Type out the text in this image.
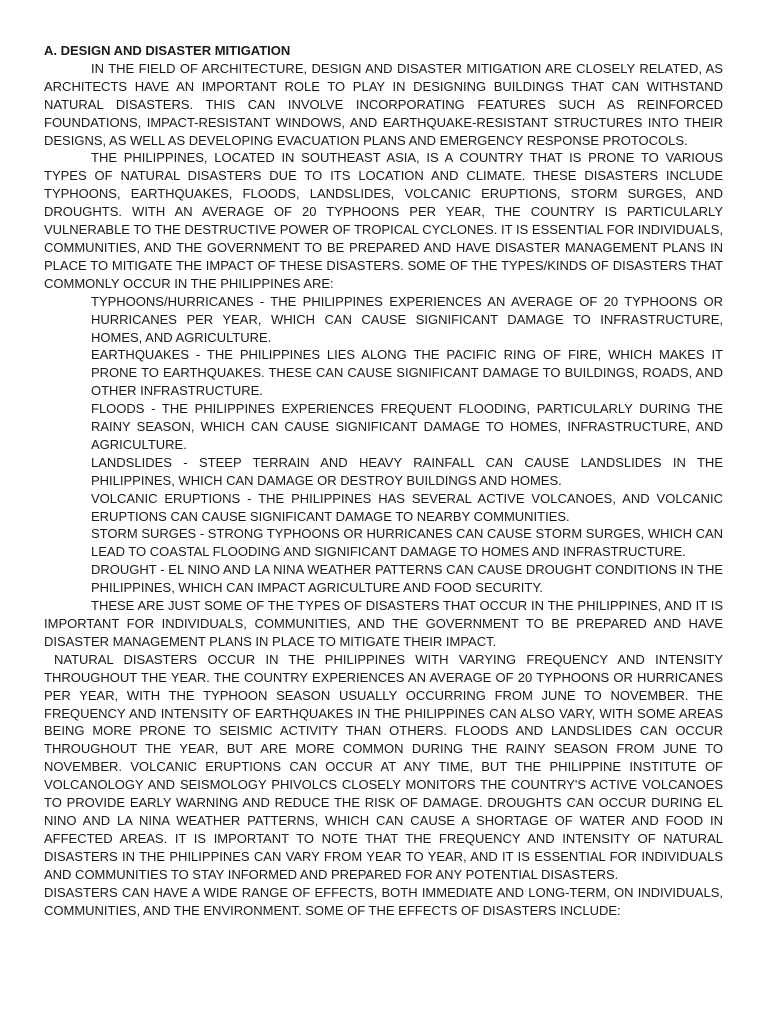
A. DESIGN AND DISASTER MITIGATION

IN THE FIELD OF ARCHITECTURE, DESIGN AND DISASTER MITIGATION ARE CLOSELY RELATED, AS ARCHITECTS HAVE AN IMPORTANT ROLE TO PLAY IN DESIGNING BUILDINGS THAT CAN WITHSTAND NATURAL DISASTERS. THIS CAN INVOLVE INCORPORATING FEATURES SUCH AS REINFORCED FOUNDATIONS, IMPACT-RESISTANT WINDOWS, AND EARTHQUAKE-RESISTANT STRUCTURES INTO THEIR DESIGNS, AS WELL AS DEVELOPING EVACUATION PLANS AND EMERGENCY RESPONSE PROTOCOLS.

THE PHILIPPINES, LOCATED IN SOUTHEAST ASIA, IS A COUNTRY THAT IS PRONE TO VARIOUS TYPES OF NATURAL DISASTERS DUE TO ITS LOCATION AND CLIMATE. THESE DISASTERS INCLUDE TYPHOONS, EARTHQUAKES, FLOODS, LANDSLIDES, VOLCANIC ERUPTIONS, STORM SURGES, AND DROUGHTS. WITH AN AVERAGE OF 20 TYPHOONS PER YEAR, THE COUNTRY IS PARTICULARLY VULNERABLE TO THE DESTRUCTIVE POWER OF TROPICAL CYCLONES. IT IS ESSENTIAL FOR INDIVIDUALS, COMMUNITIES, AND THE GOVERNMENT TO BE PREPARED AND HAVE DISASTER MANAGEMENT PLANS IN PLACE TO MITIGATE THE IMPACT OF THESE DISASTERS. SOME OF THE TYPES/KINDS OF DISASTERS THAT COMMONLY OCCUR IN THE PHILIPPINES ARE:

TYPHOONS/HURRICANES - THE PHILIPPINES EXPERIENCES AN AVERAGE OF 20 TYPHOONS OR HURRICANES PER YEAR, WHICH CAN CAUSE SIGNIFICANT DAMAGE TO INFRASTRUCTURE, HOMES, AND AGRICULTURE.
EARTHQUAKES - THE PHILIPPINES LIES ALONG THE PACIFIC RING OF FIRE, WHICH MAKES IT PRONE TO EARTHQUAKES. THESE CAN CAUSE SIGNIFICANT DAMAGE TO BUILDINGS, ROADS, AND OTHER INFRASTRUCTURE.
FLOODS - THE PHILIPPINES EXPERIENCES FREQUENT FLOODING, PARTICULARLY DURING THE RAINY SEASON, WHICH CAN CAUSE SIGNIFICANT DAMAGE TO HOMES, INFRASTRUCTURE, AND AGRICULTURE.
LANDSLIDES - STEEP TERRAIN AND HEAVY RAINFALL CAN CAUSE LANDSLIDES IN THE PHILIPPINES, WHICH CAN DAMAGE OR DESTROY BUILDINGS AND HOMES.
VOLCANIC ERUPTIONS - THE PHILIPPINES HAS SEVERAL ACTIVE VOLCANOES, AND VOLCANIC ERUPTIONS CAN CAUSE SIGNIFICANT DAMAGE TO NEARBY COMMUNITIES.
STORM SURGES - STRONG TYPHOONS OR HURRICANES CAN CAUSE STORM SURGES, WHICH CAN LEAD TO COASTAL FLOODING AND SIGNIFICANT DAMAGE TO HOMES AND INFRASTRUCTURE.
DROUGHT - EL NINO AND LA NINA WEATHER PATTERNS CAN CAUSE DROUGHT CONDITIONS IN THE PHILIPPINES, WHICH CAN IMPACT AGRICULTURE AND FOOD SECURITY.

THESE ARE JUST SOME OF THE TYPES OF DISASTERS THAT OCCUR IN THE PHILIPPINES, AND IT IS IMPORTANT FOR INDIVIDUALS, COMMUNITIES, AND THE GOVERNMENT TO BE PREPARED AND HAVE DISASTER MANAGEMENT PLANS IN PLACE TO MITIGATE THEIR IMPACT.

NATURAL DISASTERS OCCUR IN THE PHILIPPINES WITH VARYING FREQUENCY AND INTENSITY THROUGHOUT THE YEAR. THE COUNTRY EXPERIENCES AN AVERAGE OF 20 TYPHOONS OR HURRICANES PER YEAR, WITH THE TYPHOON SEASON USUALLY OCCURRING FROM JUNE TO NOVEMBER. THE FREQUENCY AND INTENSITY OF EARTHQUAKES IN THE PHILIPPINES CAN ALSO VARY, WITH SOME AREAS BEING MORE PRONE TO SEISMIC ACTIVITY THAN OTHERS. FLOODS AND LANDSLIDES CAN OCCUR THROUGHOUT THE YEAR, BUT ARE MORE COMMON DURING THE RAINY SEASON FROM JUNE TO NOVEMBER. VOLCANIC ERUPTIONS CAN OCCUR AT ANY TIME, BUT THE PHILIPPINE INSTITUTE OF VOLCANOLOGY AND SEISMOLOGY PHIVOLCS CLOSELY MONITORS THE COUNTRY'S ACTIVE VOLCANOES TO PROVIDE EARLY WARNING AND REDUCE THE RISK OF DAMAGE. DROUGHTS CAN OCCUR DURING EL NINO AND LA NINA WEATHER PATTERNS, WHICH CAN CAUSE A SHORTAGE OF WATER AND FOOD IN AFFECTED AREAS. IT IS IMPORTANT TO NOTE THAT THE FREQUENCY AND INTENSITY OF NATURAL DISASTERS IN THE PHILIPPINES CAN VARY FROM YEAR TO YEAR, AND IT IS ESSENTIAL FOR INDIVIDUALS AND COMMUNITIES TO STAY INFORMED AND PREPARED FOR ANY POTENTIAL DISASTERS.

DISASTERS CAN HAVE A WIDE RANGE OF EFFECTS, BOTH IMMEDIATE AND LONG-TERM, ON INDIVIDUALS, COMMUNITIES, AND THE ENVIRONMENT. SOME OF THE EFFECTS OF DISASTERS INCLUDE:
